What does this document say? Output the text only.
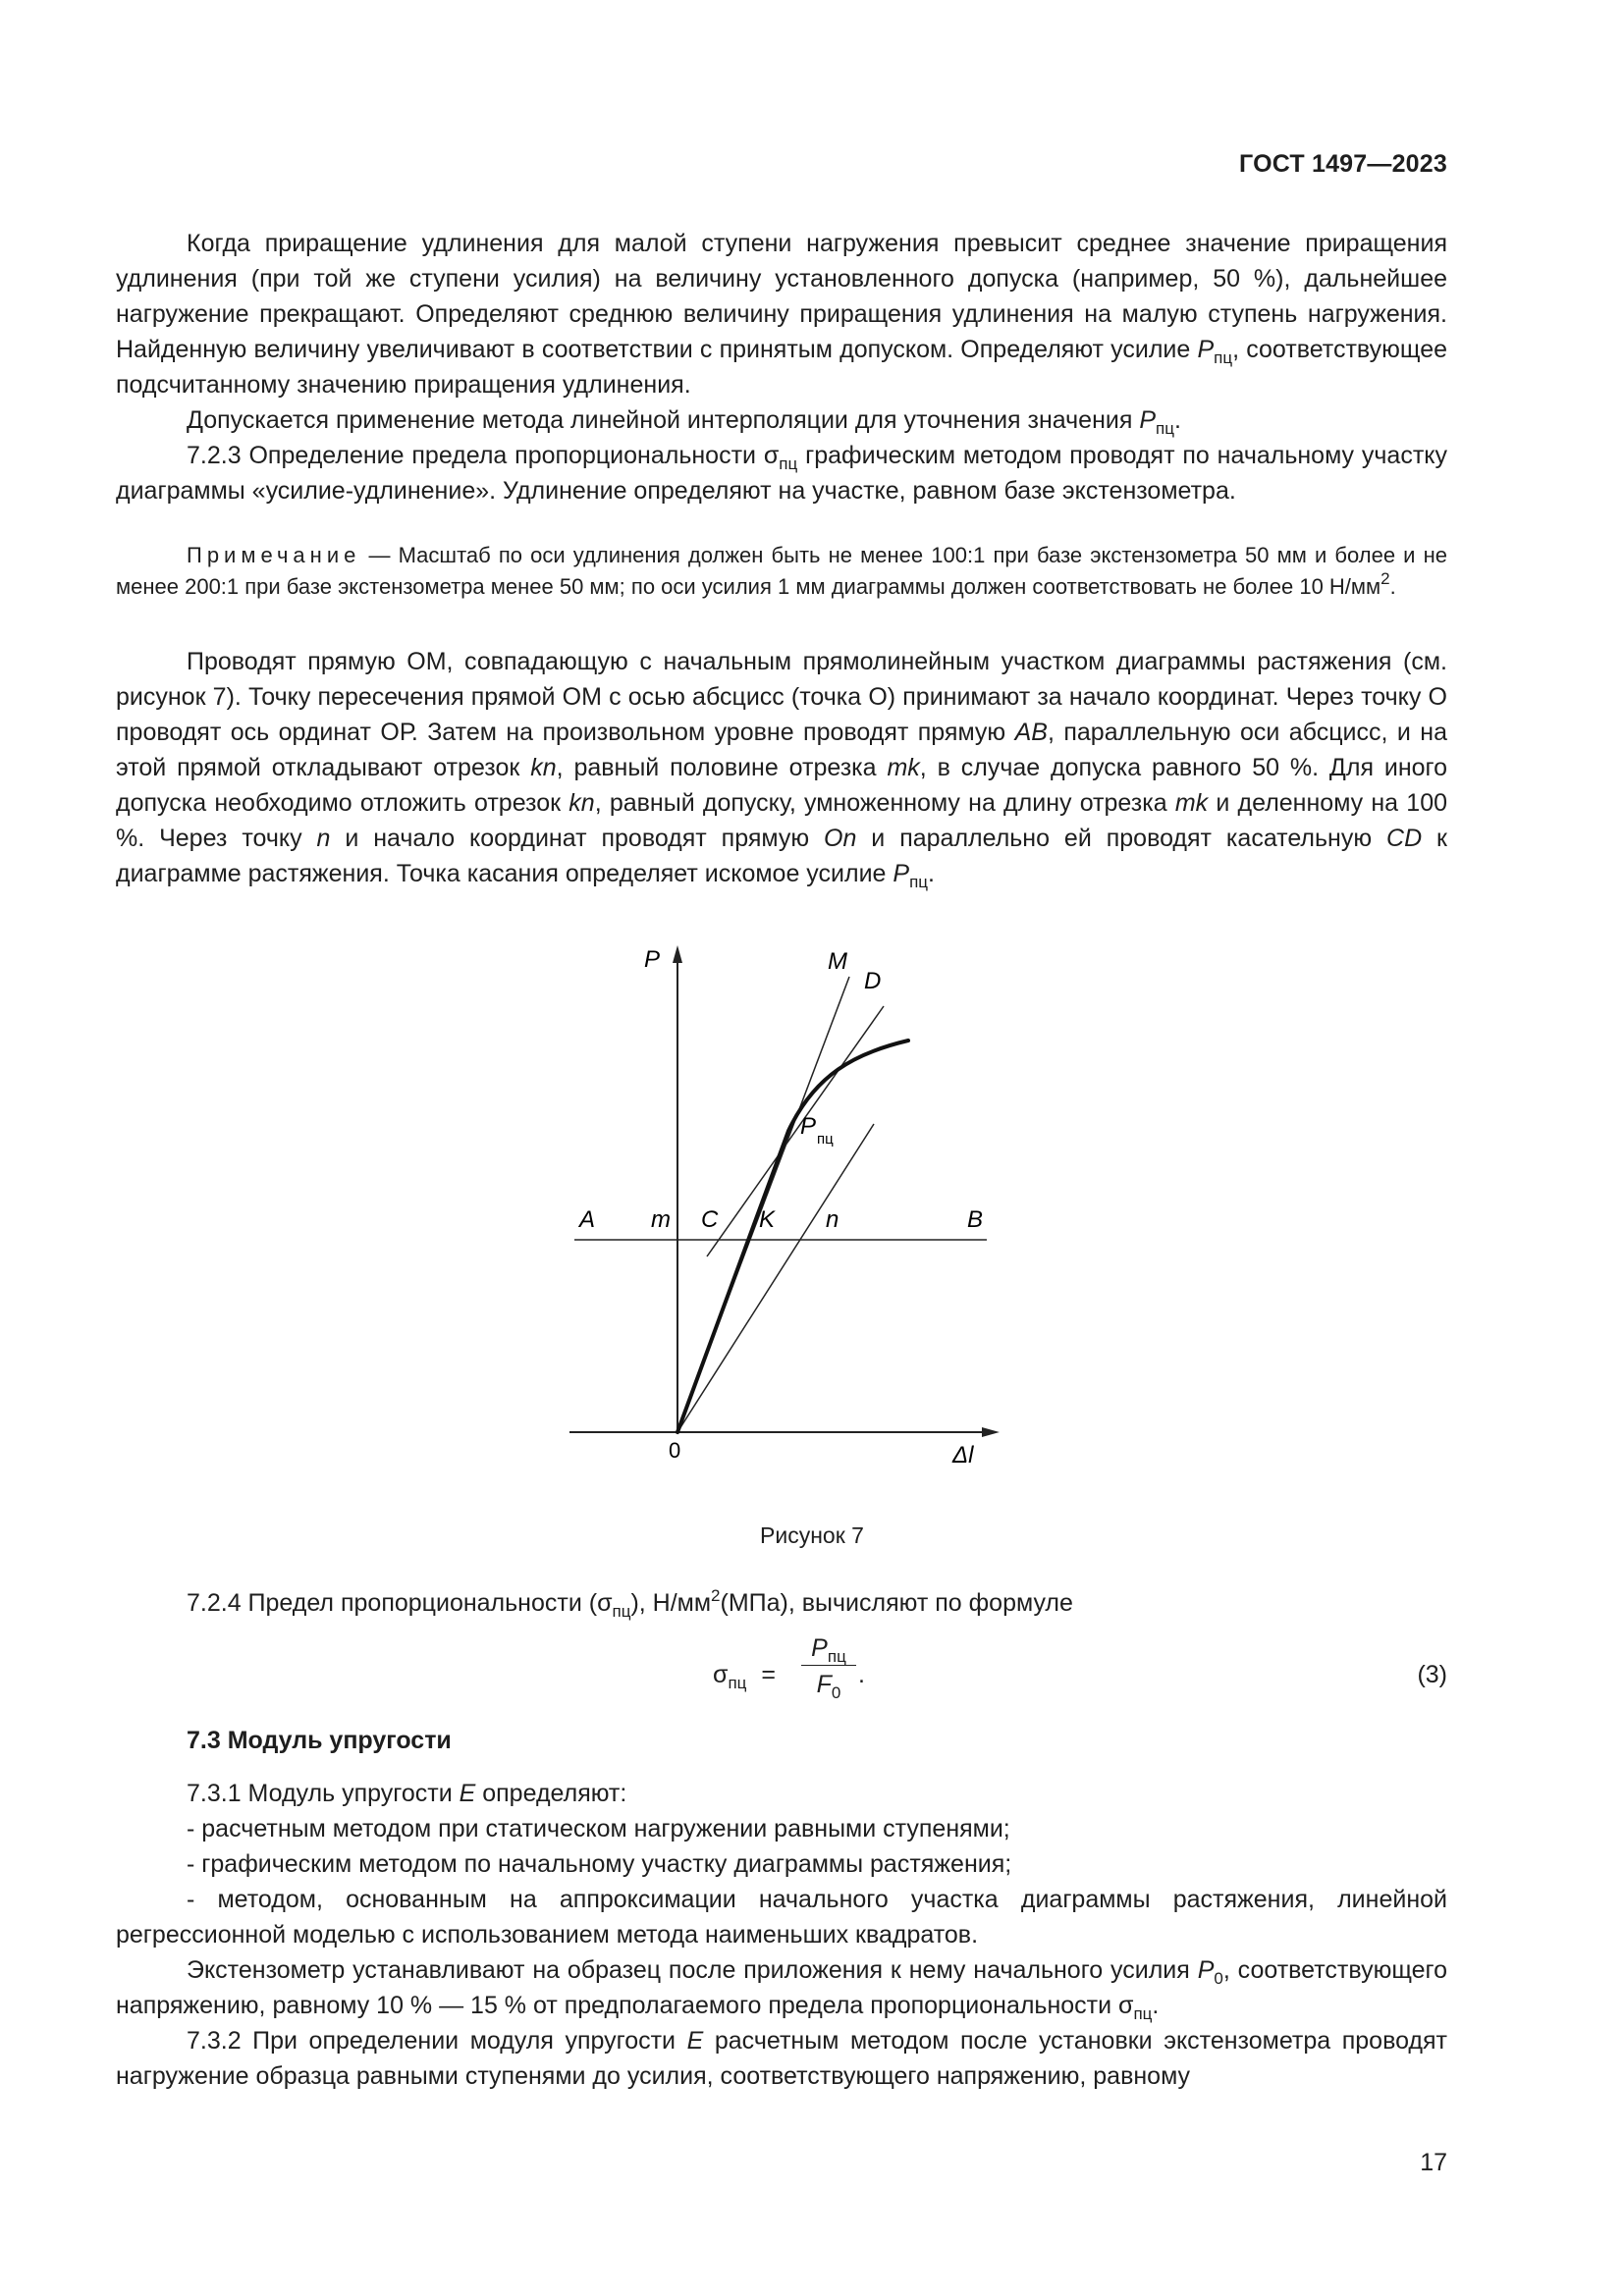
ГОСТ 1497—2023

Когда приращение удлинения для малой ступени нагружения превысит среднее значение приращения удлинения (при той же ступени усилия) на величину установленного допуска (например, 50 %), дальнейшее нагружение прекращают. Определяют среднюю величину приращения удлинения на малую ступень нагружения. Найденную величину увеличивают в соответствии с принятым допуском. Определяют усилие $P_{пц}$, соответствующее подсчитанному значению приращения удлинения.

Допускается применение метода линейной интерполяции для уточнения значения $P_{пц}$.

7.2.3 Определение предела пропорциональности $\sigma_{пц}$ графическим методом проводят по начальному участку диаграммы «усилие-удлинение». Удлинение определяют на участке, равном базе экстензометра.

Примечание — Масштаб по оси удлинения должен быть не менее 100:1 при базе экстензометра 50 мм и более и не менее 200:1 при базе экстензометра менее 50 мм; по оси усилия 1 мм диаграммы должен соответствовать не более 10 $Н/мм^2$.

Проводят прямую ОМ, совпадающую с начальным прямолинейным участком диаграммы растяжения (см. рисунок 7). Точку пересечения прямой ОМ с осью абсцисс (точка О) принимают за начало координат. Через точку О проводят ось ординат ОР. Затем на произвольном уровне проводят прямую AB, параллельную оси абсцисс, и на этой прямой откладывают отрезок kn, равный половине отрезка mk, в случае допуска равного 50 %. Для иного допуска необходимо отложить отрезок kn, равный допуску, умноженному на длину отрезка mk и деленному на 100 %. Через точку n и начало координат проводят прямую On и параллельно ей проводят касательную CD к диаграмме растяжения. Точка касания определяет искомое усилие $P_{пц}$.

P	M
D
P пц
A m C K n	B
0	Δl
Рисунок 7

7.2.4 Предел пропорциональности $(\sigma_{пц})$, $Н/мм^2(МПа)$, вычисляют по формуле

$\sigma_{пц}$ =
$P_{пц}$
$F_0$
.	(3)

7.3 Модуль упругости

7.3.1 Модуль упругости E определяют:

- расчетным методом при статическом нагружении равными ступенями;

- графическим методом по начальному участку диаграммы растяжения;

- методом, основанным на аппроксимации начального участка диаграммы растяжения, линейной регрессионной моделью с использованием метода наименьших квадратов.

Экстензометр устанавливают на образец после приложения к нему начального усилия $P_0$, соответствующего напряжению, равному 10 % — 15 % от предполагаемого предела пропорциональности $\sigma_{пц}$.

7.3.2 При определении модуля упругости E расчетным методом после установки экстензометра проводят нагружение образца равными ступенями до усилия, соответствующего напряжению, равному

17
